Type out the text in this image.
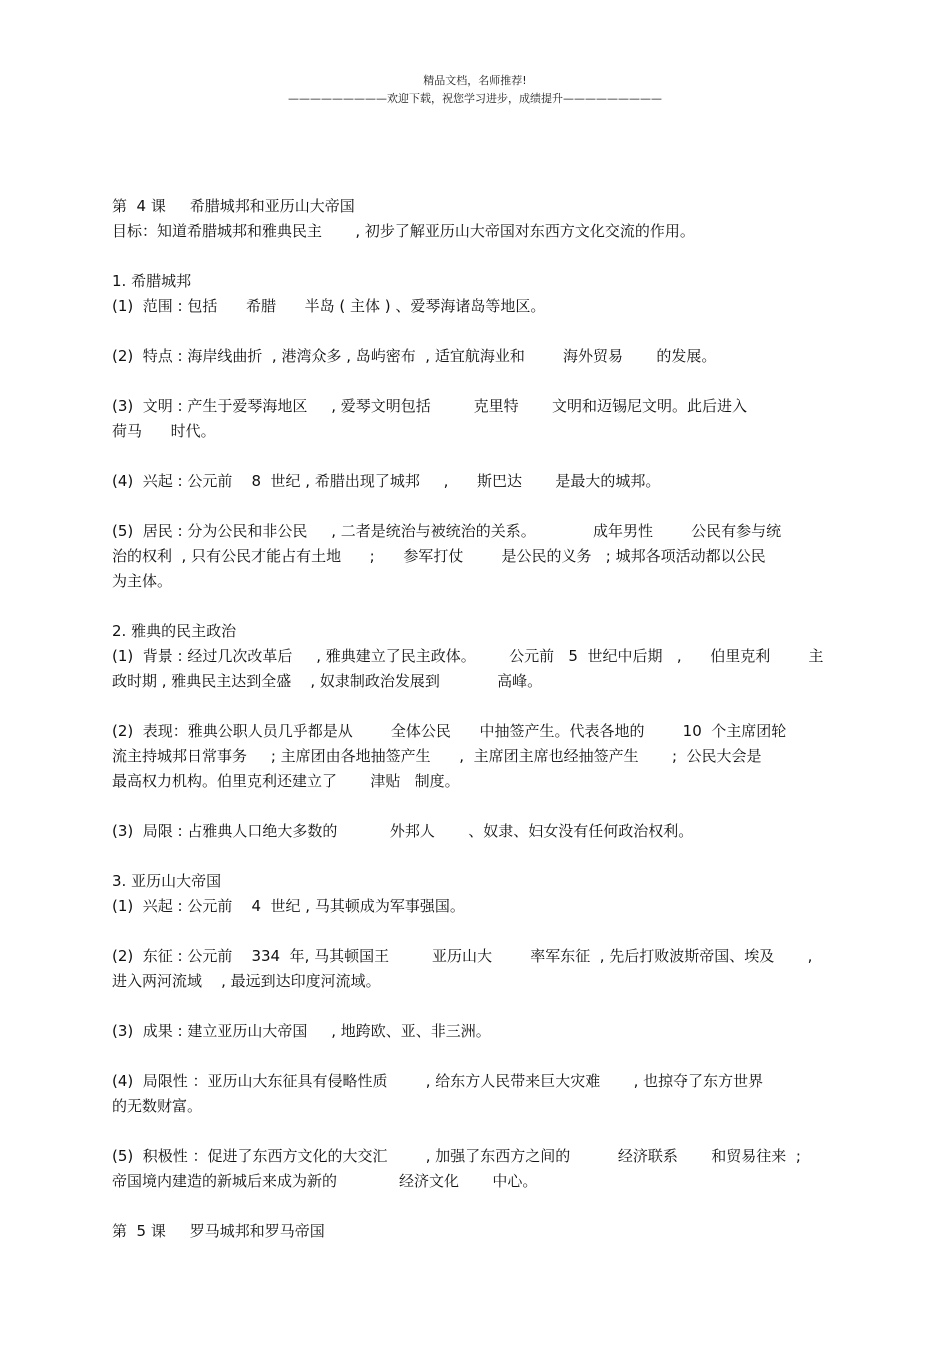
精品文档，名师推荐!
—————————欢迎下载，祝您学习进步，成绩提升—————————
第  4 课     希腊城邦和亚历山大帝国
目标：知道希腊城邦和雅典民主       , 初步了解亚历山大帝国对东西方文化交流的作用。
1. 希腊城邦
(1)  范围 : 包括      希腊      半岛 ( 主体 ) 、爱琴海诸岛等地区。
(2)  特点 : 海岸线曲折  , 港湾众多 , 岛屿密布  , 适宜航海业和        海外贸易       的发展。
(3)  文明 : 产生于爱琴海地区     , 爱琴文明包括         克里特       文明和迈锡尼文明。此后进入
荷马      时代。
(4)  兴起 : 公元前    8  世纪 , 希腊出现了城邦     ,      斯巴达       是最大的城邦。
(5)  居民 : 分为公民和非公民     , 二者是统治与被统治的关系。            成年男性        公民有参与统
治的权利  , 只有公民才能占有土地      ;      参军打仗        是公民的义务   ; 城邦各项活动都以公民
为主体。
2. 雅典的民主政治
(1)  背景 : 经过几次改革后     , 雅典建立了民主政体。       公元前   5  世纪中后期   ,      伯里克利        主
政时期 , 雅典民主达到全盛    , 奴隶制政治发展到            高峰。
(2)  表现：雅典公职人员几乎都是从        全体公民      中抽签产生。代表各地的        10  个主席团轮
流主持城邦日常事务     ; 主席团由各地抽签产生      ,  主席团主席也经抽签产生       ;  公民大会是
最高权力机构。伯里克利还建立了       津贴   制度。
(3)  局限 : 占雅典人口绝大多数的           外邦人       、奴隶、妇女没有任何政治权利。
3. 亚历山大帝国
(1)  兴起 : 公元前    4  世纪 , 马其顿成为军事强国。
(2)  东征 : 公元前    334  年, 马其顿国王         亚历山大        率军东征  , 先后打败波斯帝国、埃及       ,
进入两河流域    , 最远到达印度河流域。
(3)  成果 : 建立亚历山大帝国     , 地跨欧、亚、非三洲。
(4)  局限性 ：亚历山大东征具有侵略性质        , 给东方人民带来巨大灾难       , 也掠夺了东方世界
的无数财富。
(5)  积极性 ：促进了东西方文化的大交汇        , 加强了东西方之间的          经济联系       和贸易往来  ;
帝国境内建造的新城后来成为新的             经济文化       中心。
第  5 课     罗马城邦和罗马帝国
